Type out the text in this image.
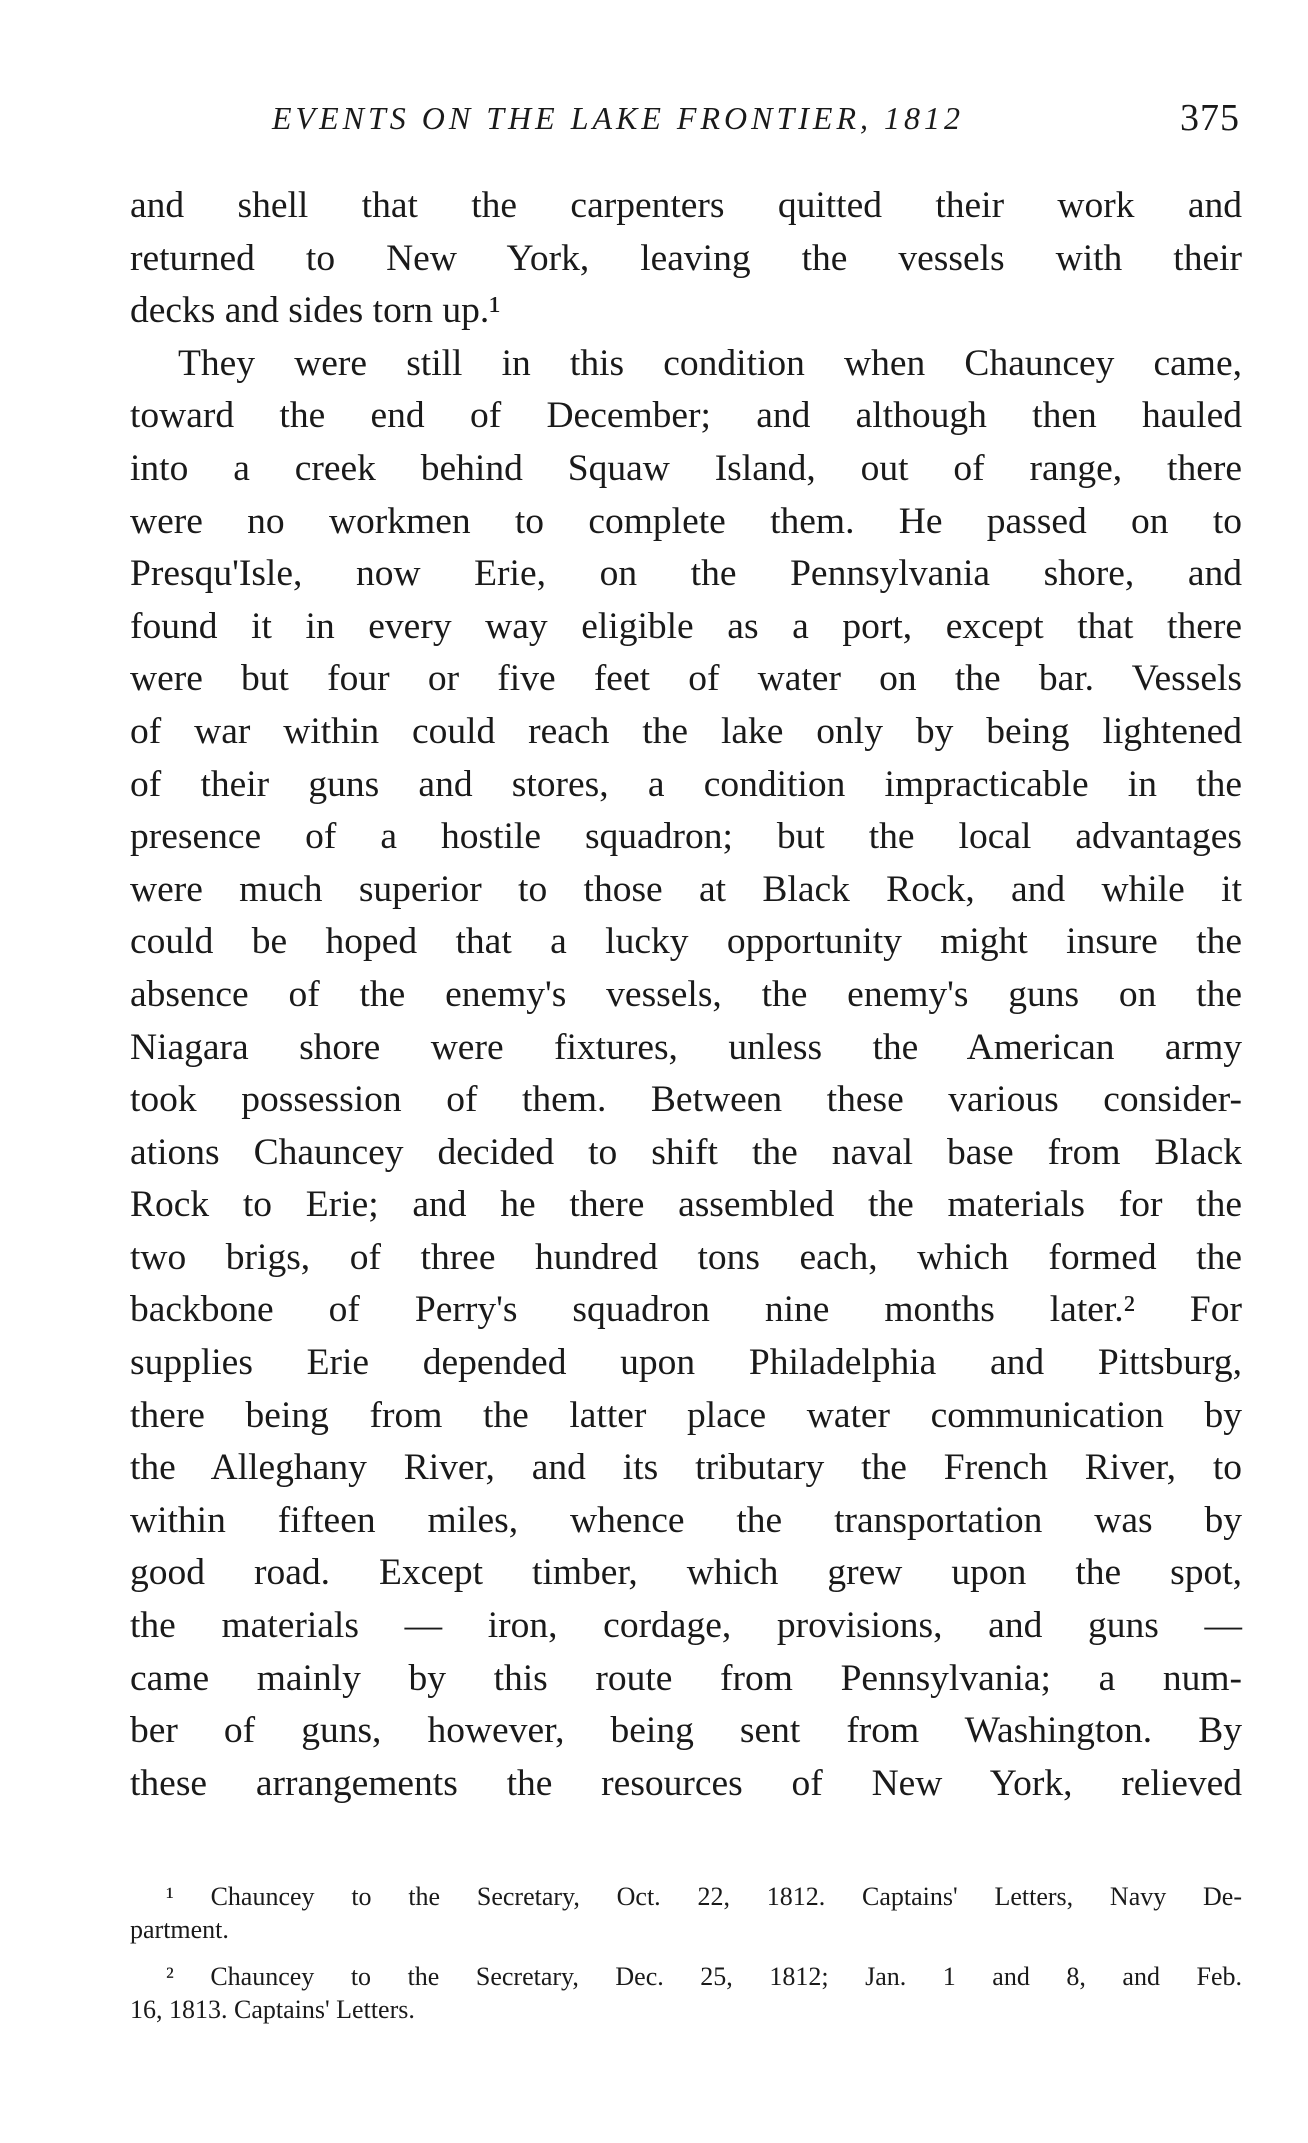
EVENTS ON THE LAKE FRONTIER, 1812	375
and shell that the carpenters quitted their work and
returned to New York, leaving the vessels with their
decks and sides torn up.¹
They were still in this condition when Chauncey came,
toward the end of December; and although then hauled
into a creek behind Squaw Island, out of range, there
were no workmen to complete them. He passed on to
Presqu'Isle, now Erie, on the Pennsylvania shore, and
found it in every way eligible as a port, except that there
were but four or five feet of water on the bar. Vessels
of war within could reach the lake only by being lightened
of their guns and stores, a condition impracticable in the
presence of a hostile squadron; but the local advantages
were much superior to those at Black Rock, and while it
could be hoped that a lucky opportunity might insure the
absence of the enemy's vessels, the enemy's guns on the
Niagara shore were fixtures, unless the American army
took possession of them. Between these various consider-
ations Chauncey decided to shift the naval base from Black
Rock to Erie; and he there assembled the materials for the
two brigs, of three hundred tons each, which formed the
backbone of Perry's squadron nine months later.² For
supplies Erie depended upon Philadelphia and Pittsburg,
there being from the latter place water communication by
the Alleghany River, and its tributary the French River, to
within fifteen miles, whence the transportation was by
good road. Except timber, which grew upon the spot,
the materials — iron, cordage, provisions, and guns —
came mainly by this route from Pennsylvania; a num-
ber of guns, however, being sent from Washington. By
these arrangements the resources of New York, relieved
¹ Chauncey to the Secretary, Oct. 22, 1812. Captains' Letters, Navy De-
partment.
² Chauncey to the Secretary, Dec. 25, 1812; Jan. 1 and 8, and Feb.
16, 1813. Captains' Letters.
